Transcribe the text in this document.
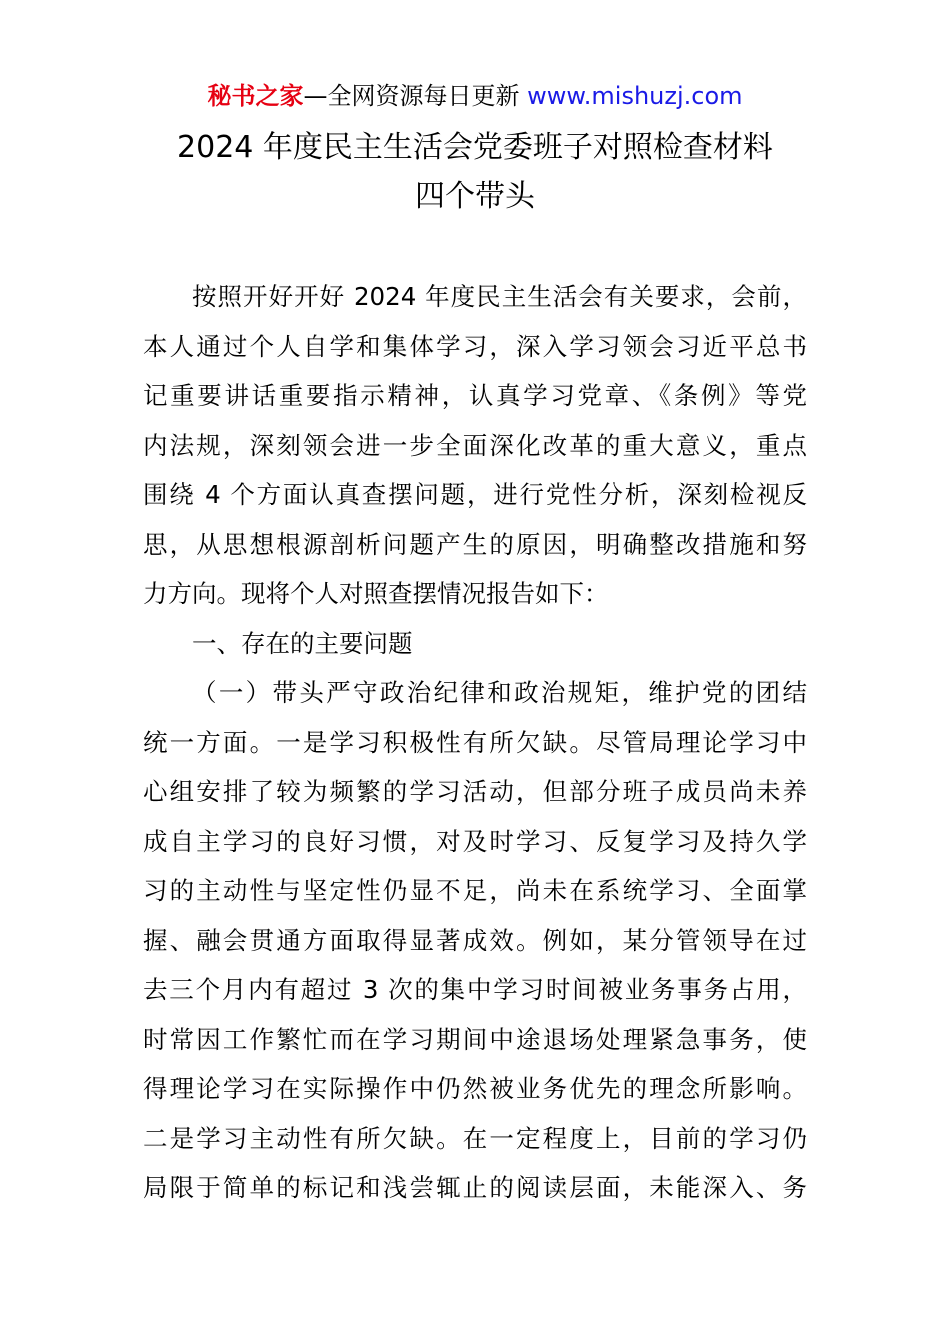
秘书之家—全网资源每日更新 www.mishuzj.com
2024 年度民主生活会党委班子对照检查材料
四个带头
按照开好开好 2024 年度民主生活会有关要求，会前，
本人通过个人自学和集体学习，深入学习领会习近平总书
记重要讲话重要指示精神，认真学习党章、《条例》等党
内法规，深刻领会进一步全面深化改革的重大意义，重点
围绕 4 个方面认真查摆问题，进行党性分析，深刻检视反
思，从思想根源剖析问题产生的原因，明确整改措施和努
力方向。现将个人对照查摆情况报告如下：
一、存在的主要问题
（一）带头严守政治纪律和政治规矩，维护党的团结
统一方面。一是学习积极性有所欠缺。尽管局理论学习中
心组安排了较为频繁的学习活动，但部分班子成员尚未养
成自主学习的良好习惯，对及时学习、反复学习及持久学
习的主动性与坚定性仍显不足，尚未在系统学习、全面掌
握、融会贯通方面取得显著成效。例如，某分管领导在过
去三个月内有超过 3 次的集中学习时间被业务事务占用，
时常因工作繁忙而在学习期间中途退场处理紧急事务，使
得理论学习在实际操作中仍然被业务优先的理念所影响。
二是学习主动性有所欠缺。在一定程度上，目前的学习仍
局限于简单的标记和浅尝辄止的阅读层面，未能深入、务
